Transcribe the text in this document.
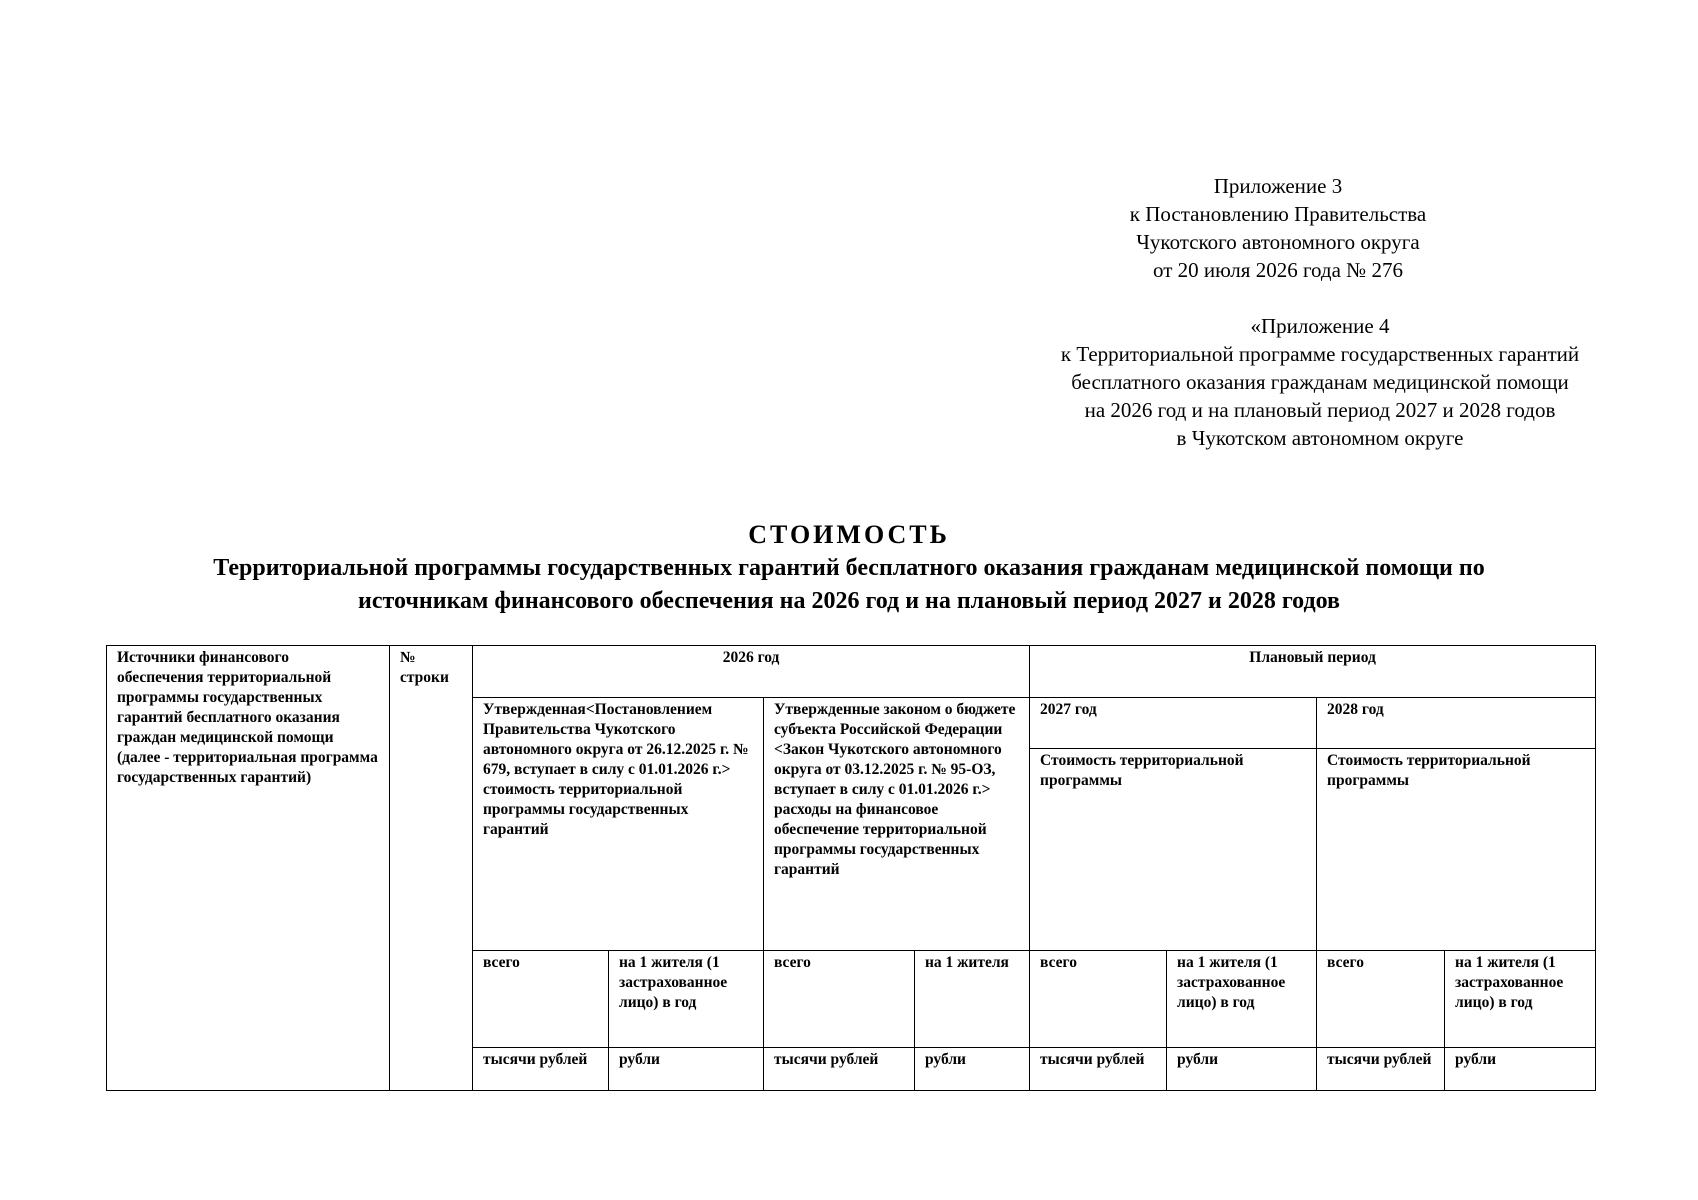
Приложение 3
к Постановлению Правительства
Чукотского автономного округа
от 20 июля 2026 года № 276
«Приложение 4
к Территориальной программе государственных гарантий
бесплатного оказания гражданам медицинской помощи
на 2026 год и на плановый период 2027 и 2028 годов
в Чукотском автономном округе
СТОИМОСТЬ
Территориальной программы государственных гарантий бесплатного оказания гражданам медицинской помощи по
источникам финансового обеспечения на 2026 год и на плановый период 2027 и 2028 годов
Источники финансового обеспечения территориальной программы государственных гарантий бесплатного оказания граждан медицинской помощи (далее - территориальная программа государственных гарантий)	№ строки	2026 год				Плановый период			
		Утвержденная<Постановлением Правительства Чукотского автономного округа от 26.12.2025 г. № 679, вступает в силу с 01.01.2026 г.> стоимость территориальной программы государственных гарантий		Утвержденные законом о бюджете субъекта Российской Федерации <Закон Чукотского автономного округа от 03.12.2025 г. № 95-ОЗ, вступает в силу с 01.01.2026 г.> расходы на финансовое обеспечение территориальной программы государственных гарантий		2027 год		2028 год	
						Стоимость территориальной программы		Стоимость территориальной программы	

		всего	на 1 жителя (1 застрахованное лицо) в год	всего	на 1 жителя	всего	на 1 жителя (1 застрахованное лицо) в год	всего	на 1 жителя (1 застрахованное лицо) в год
		тысячи рублей	рубли	тысячи рублей	рубли	тысячи рублей	рубли	тысячи рублей	рубли
